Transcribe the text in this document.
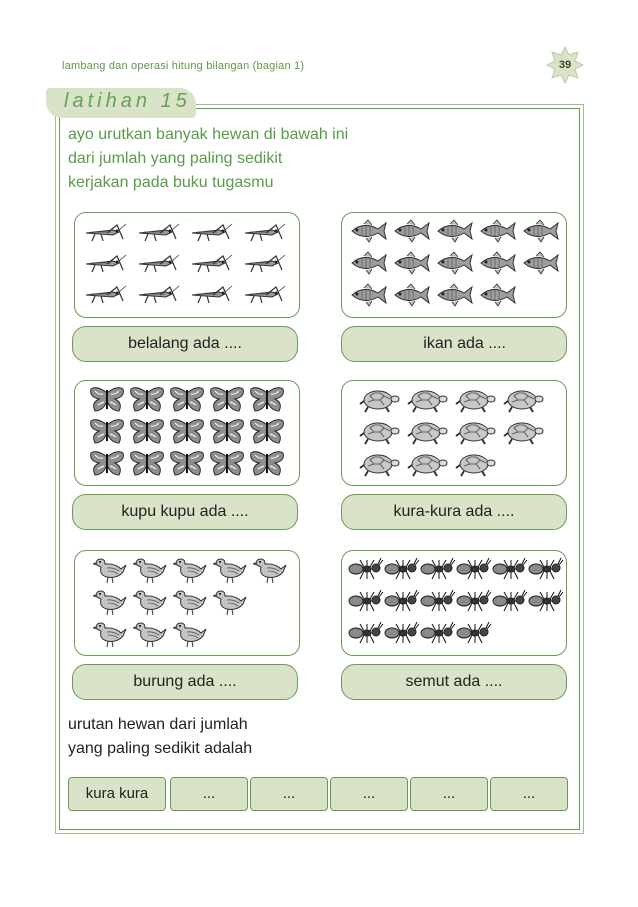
lambang dan operasi hitung bilangan (bagian 1)	39
latihan 15
ayo urutkan banyak hewan di bawah ini
dari jumlah yang paling sedikit
kerjakan pada buku tugasmu
belalang ada ....	ikan ada ....
kupu kupu ada ....	kura-kura ada ....
burung ada ....	semut ada ....
urutan hewan dari jumlah
yang paling sedikit adalah
kura kura	...	...	...	...	...
